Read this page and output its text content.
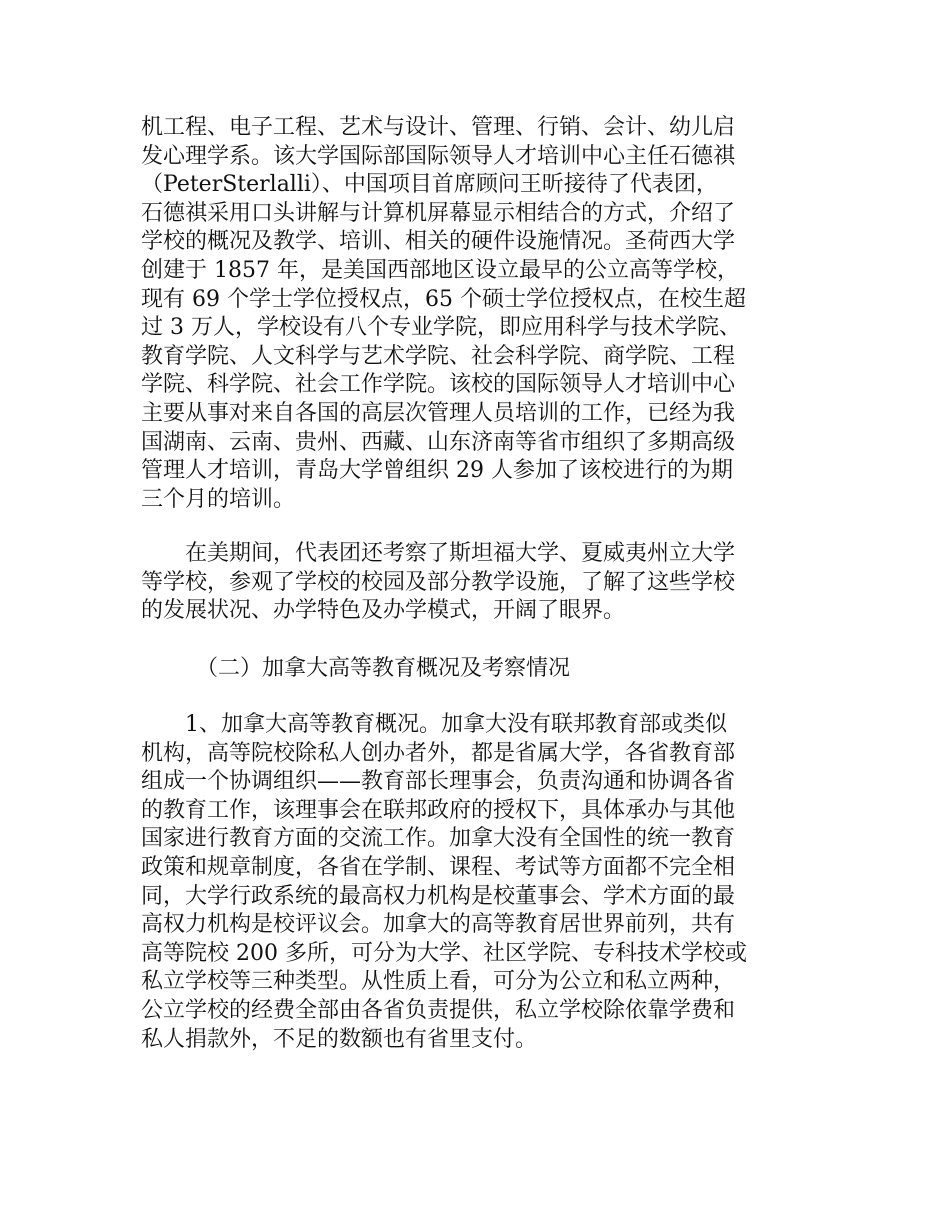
机工程、电子工程、艺术与设计、管理、行销、会计、幼儿启
发心理学系。该大学国际部国际领导人才培训中心主任石德祺
（PeterSterlalli）、中国项目首席顾问王昕接待了代表团，
石德祺采用口头讲解与计算机屏幕显示相结合的方式，介绍了
学校的概况及教学、培训、相关的硬件设施情况。圣荷西大学
创建于 1857 年，是美国西部地区设立最早的公立高等学校，
现有 69 个学士学位授权点，65 个硕士学位授权点，在校生超
过 3 万人，学校设有八个专业学院，即应用科学与技术学院、
教育学院、人文科学与艺术学院、社会科学院、商学院、工程
学院、科学院、社会工作学院。该校的国际领导人才培训中心
主要从事对来自各国的高层次管理人员培训的工作，已经为我
国湖南、云南、贵州、西藏、山东济南等省市组织了多期高级
管理人才培训，青岛大学曾组织 29 人参加了该校进行的为期
三个月的培训。
　　在美期间，代表团还考察了斯坦福大学、夏威夷州立大学
等学校，参观了学校的校园及部分教学设施，了解了这些学校
的发展状况、办学特色及办学模式，开阔了眼界。
　　　（二）加拿大高等教育概况及考察情况
　　1、加拿大高等教育概况。加拿大没有联邦教育部或类似
机构，高等院校除私人创办者外，都是省属大学，各省教育部
组成一个协调组织——教育部长理事会，负责沟通和协调各省
的教育工作，该理事会在联邦政府的授权下，具体承办与其他
国家进行教育方面的交流工作。加拿大没有全国性的统一教育
政策和规章制度，各省在学制、课程、考试等方面都不完全相
同，大学行政系统的最高权力机构是校董事会、学术方面的最
高权力机构是校评议会。加拿大的高等教育居世界前列，共有
高等院校 200 多所，可分为大学、社区学院、专科技术学校或
私立学校等三种类型。从性质上看，可分为公立和私立两种，
公立学校的经费全部由各省负责提供，私立学校除依靠学费和
私人捐款外，不足的数额也有省里支付。
